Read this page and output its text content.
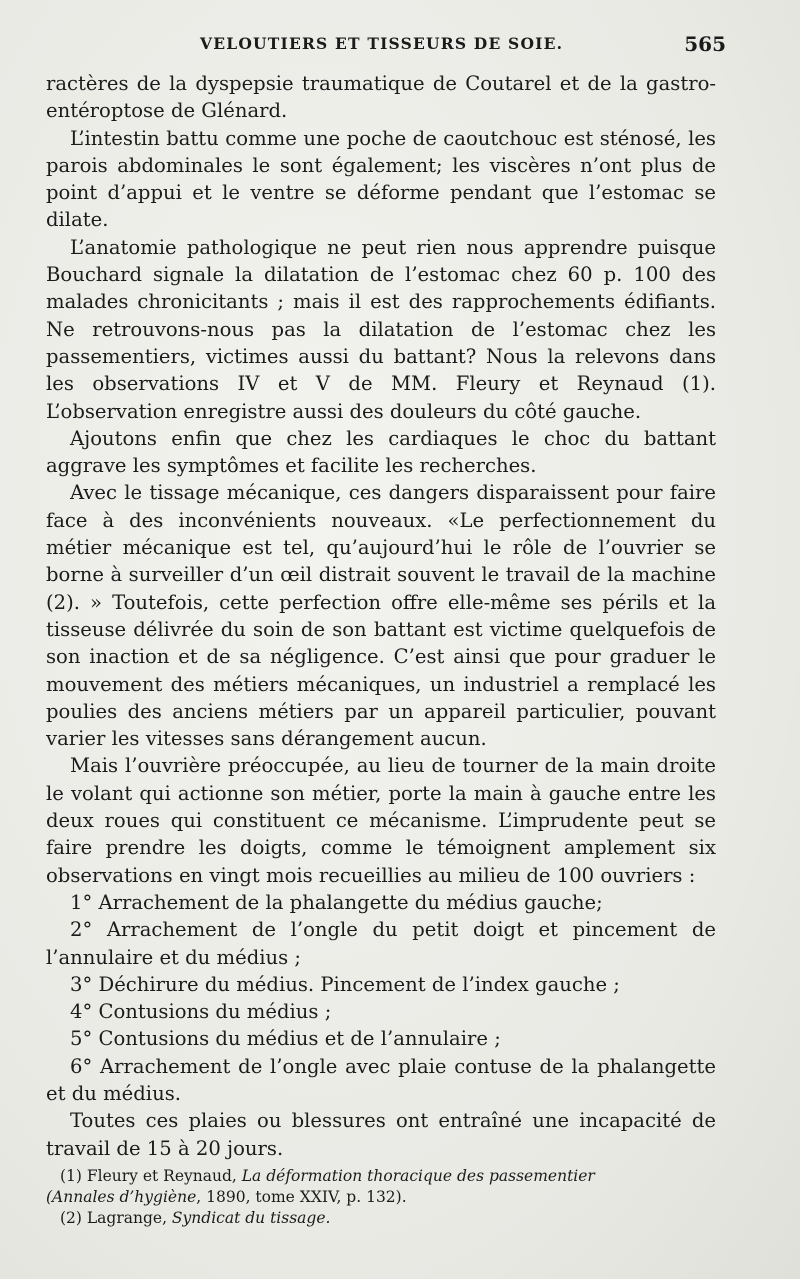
VELOUTIERS ET TISSEURS DE SOIE.	565

ractères de la dyspepsie traumatique de Coutarel et de la gastro-entéroptose de Glénard.

L’intestin battu comme une poche de caoutchouc est sténosé, les parois abdominales le sont également; les viscères n’ont plus de point d’appui et le ventre se déforme pendant que l’estomac se dilate.

L’anatomie pathologique ne peut rien nous apprendre puisque Bouchard signale la dilatation de l’estomac chez 60 p. 100 des malades chronicitants ; mais il est des rapprochements édifiants. Ne retrouvons-nous pas la dilatation de l’estomac chez les passementiers, victimes aussi du battant? Nous la relevons dans les observations IV et V de MM. Fleury et Reynaud (1). L’observation enregistre aussi des douleurs du côté gauche.

Ajoutons enfin que chez les cardiaques le choc du battant aggrave les symptômes et facilite les recherches.

Avec le tissage mécanique, ces dangers disparaissent pour faire face à des inconvénients nouveaux. «Le perfectionnement du métier mécanique est tel, qu’aujourd’hui le rôle de l’ouvrier se borne à surveiller d’un œil distrait souvent le travail de la machine (2). » Toutefois, cette perfection offre elle-même ses périls et la tisseuse délivrée du soin de son battant est victime quelquefois de son inaction et de sa négligence. C’est ainsi que pour graduer le mouvement des métiers mécaniques, un industriel a remplacé les poulies des anciens métiers par un appareil particulier, pouvant varier les vitesses sans dérangement aucun.

Mais l’ouvrière préoccupée, au lieu de tourner de la main droite le volant qui actionne son métier, porte la main à gauche entre les deux roues qui constituent ce mécanisme. L’imprudente peut se faire prendre les doigts, comme le témoignent amplement six observations en vingt mois recueillies au milieu de 100 ouvriers :

1° Arrachement de la phalangette du médius gauche;

2° Arrachement de l’ongle du petit doigt et pincement de l’annulaire et du médius ;

3° Déchirure du médius. Pincement de l’index gauche ;

4° Contusions du médius ;

5° Contusions du médius et de l’annulaire ;

6° Arrachement de l’ongle avec plaie contuse de la phalangette et du médius.

Toutes ces plaies ou blessures ont entraîné une incapacité de travail de 15 à 20 jours.

(1) Fleury et Reynaud, La déformation thoracique des passementier

(Annales d’hygiène, 1890, tome XXIV, p. 132).

(2) Lagrange, Syndicat du tissage.
